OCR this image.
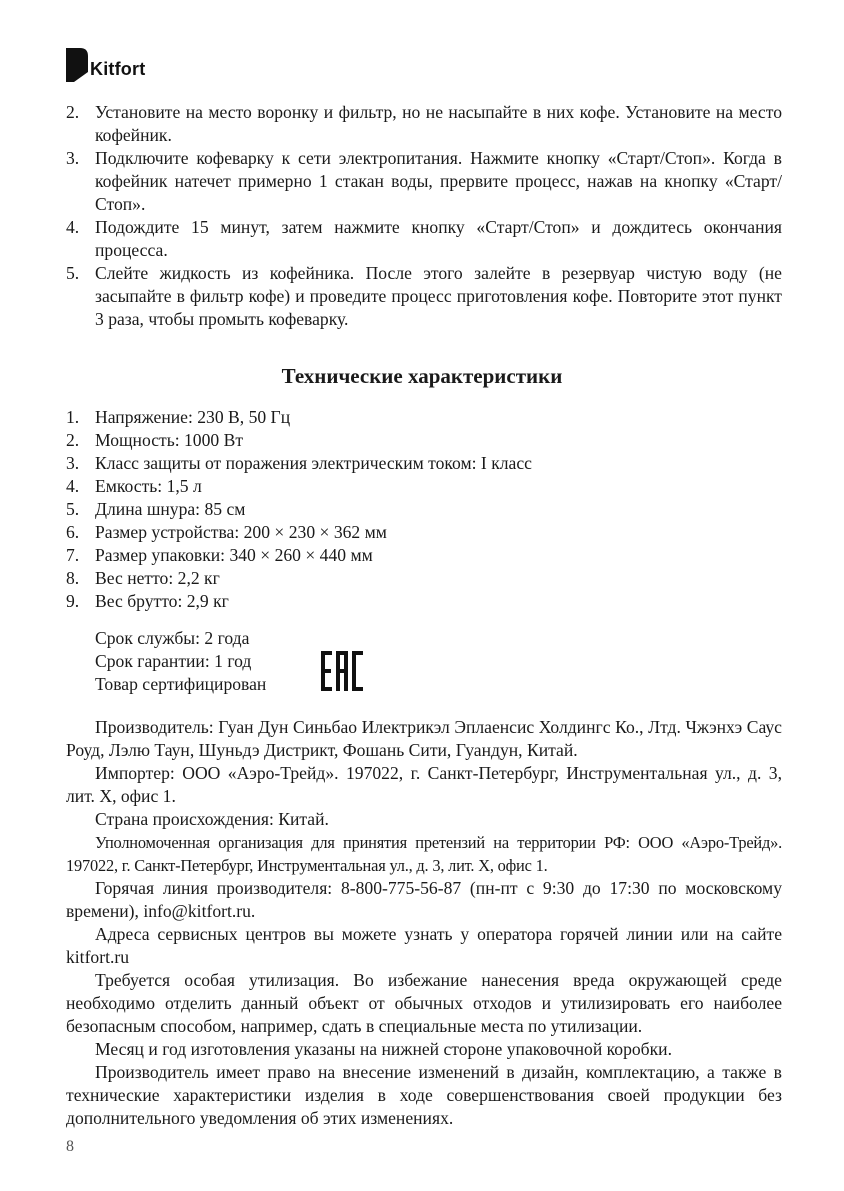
Kitfort
2. Установите на место воронку и фильтр, но не насыпайте в них кофе. Установите на место кофейник.
3. Подключите кофеварку к сети электропитания. Нажмите кнопку «Старт/Стоп». Когда в кофейник натечет примерно 1 стакан воды, прервите процесс, нажав на кнопку «Старт/Стоп».
4. Подождите 15 минут, затем нажмите кнопку «Старт/Стоп» и дождитесь окончания процесса.
5. Слейте жидкость из кофейника. После этого залейте в резервуар чистую воду (не засыпайте в фильтр кофе) и проведите процесс приготовления кофе. Повторите этот пункт 3 раза, чтобы промыть кофеварку.
Технические характеристики
1. Напряжение: 230 В, 50 Гц
2. Мощность: 1000 Вт
3. Класс защиты от поражения электрическим током: I класс
4. Емкость: 1,5 л
5. Длина шнура: 85 см
6. Размер устройства: 200 × 230 × 362 мм
7. Размер упаковки: 340 × 260 × 440 мм
8. Вес нетто: 2,2 кг
9. Вес брутто: 2,9 кг
Срок службы: 2 года
Срок гарантии: 1 год
Товар сертифицирован

Производитель: Гуан Дун Синьбао Илектрикэл Эплаенсис Холдингс Ко., Лтд. Чжэнхэ Саус Роуд, Лэлю Таун, Шуньдэ Дистрикт, Фошань Сити, Гуандун, Китай.

Импортер: ООО «Аэро-Трейд». 197022, г. Санкт-Петербург, Инструментальная ул., д. 3, лит. Х, офис 1.

Страна происхождения: Китай.

Уполномоченная организация для принятия претензий на территории РФ: ООО «Аэро-Трейд». 197022, г. Санкт-Петербург, Инструментальная ул., д. 3, лит. Х, офис 1.

Горячая линия производителя: 8-800-775-56-87 (пн-пт с 9:30 до 17:30 по московскому времени), info@kitfort.ru.

Адреса сервисных центров вы можете узнать у оператора горячей линии или на сайте kitfort.ru

Требуется особая утилизация. Во избежание нанесения вреда окружающей среде необходимо отделить данный объект от обычных отходов и утилизировать его наиболее безопасным способом, например, сдать в специальные места по утилизации.

Месяц и год изготовления указаны на нижней стороне упаковочной коробки.

Производитель имеет право на внесение изменений в дизайн, комплектацию, а также в технические характеристики изделия в ходе совершенствования своей продукции без дополнительного уведомления об этих изменениях.

8
